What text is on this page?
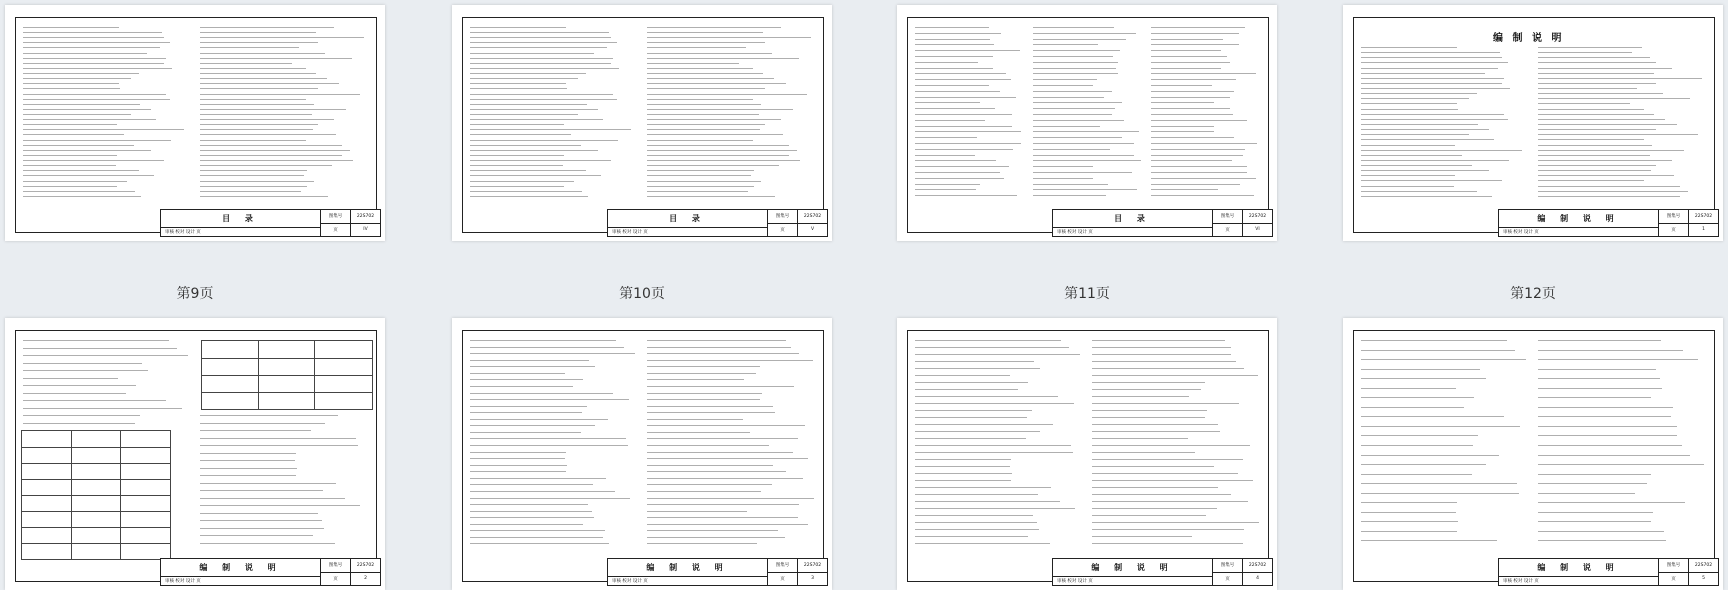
目 录
审核 校对 设计 页
图集号	22S702
页	IV
第9页
目 录
审核 校对 设计 页
图集号	22S702
页	V
第10页
目 录
审核 校对 设计 页
图集号	22S702
页	VI
第11页
编 制 说 明
编 制 说 明
审核 校对 设计 页
图集号	22S702
页	1
第12页
编 制 说 明
审核 校对 设计 页
图集号	22S702
页	2
编 制 说 明
审核 校对 设计 页
图集号	22S702
页	3
编 制 说 明
审核 校对 设计 页
图集号	22S702
页	4
编 制 说 明
审核 校对 设计 页
图集号	22S702
页	5
